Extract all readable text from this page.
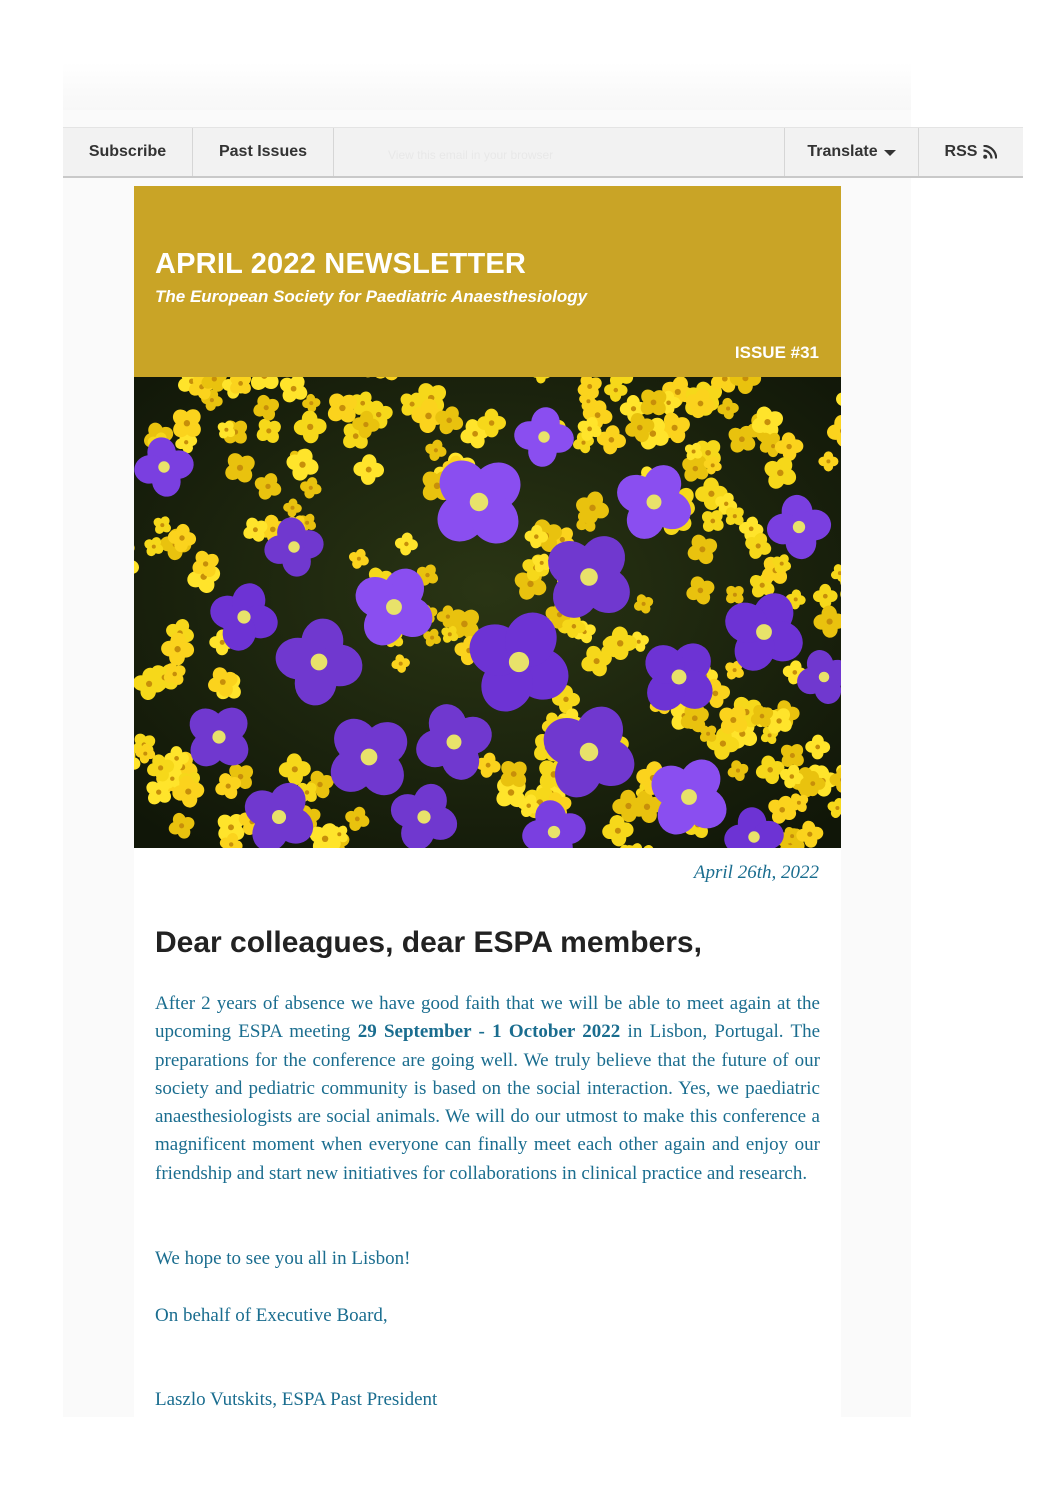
Subscribe	Past Issues	View this email in your browser	Translate	RSS
APRIL 2022 NEWSLETTER
The European Society for Paediatric Anaesthesiology
ISSUE #31
April 26th, 2022
Dear colleagues, dear ESPA members,

After 2 years of absence we have good faith that we will be able to meet again at the upcoming ESPA meeting 29 September - 1 October 2022 in Lisbon, Portugal. The preparations for the conference are going well. We truly believe that the future of our society and pediatric community is based on the social interaction. Yes, we paediatric anaesthesiologists are social animals. We will do our utmost to make this conference a magnificent moment when everyone can finally meet each other again and enjoy our friendship and start new initiatives for collaborations in clinical practice and research.

We hope to see you all in Lisbon!

On behalf of Executive Board,

Laszlo Vutskits, ESPA Past President
